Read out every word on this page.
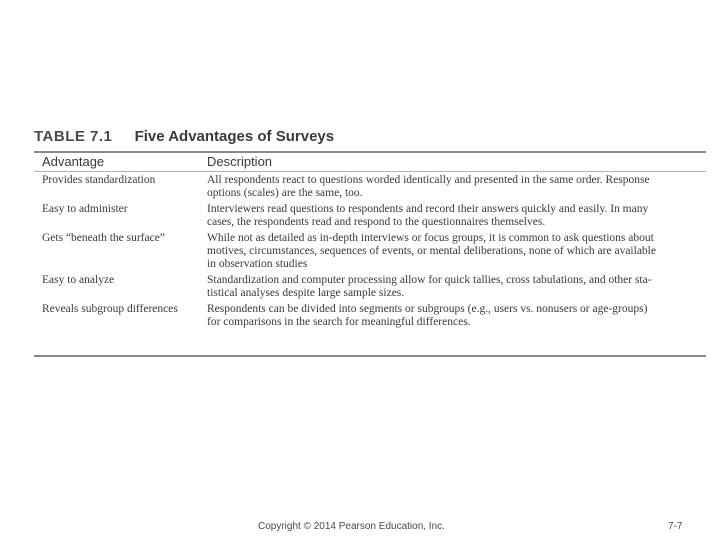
TABLE 7.1 Five Advantages of Surveys
Advantage	Description
Provides standardization	All respondents react to questions worded identically and presented in the same order. Response
options (scales) are the same, too.
Easy to administer	Interviewers read questions to respondents and record their answers quickly and easily. In many
cases, the respondents read and respond to the questionnaires themselves.
Gets “beneath the surface”	While not as detailed as in-depth interviews or focus groups, it is common to ask questions about
motives, circumstances, sequences of events, or mental deliberations, none of which are available
in observation studies
Easy to analyze	Standardization and computer processing allow for quick tallies, cross tabulations, and other sta-
tistical analyses despite large sample sizes.
Reveals subgroup differences	Respondents can be divided into segments or subgroups (e.g., users vs. nonusers or age-groups)
for comparisons in the search for meaningful differences.
Copyright © 2014 Pearson Education, Inc.	7-7
